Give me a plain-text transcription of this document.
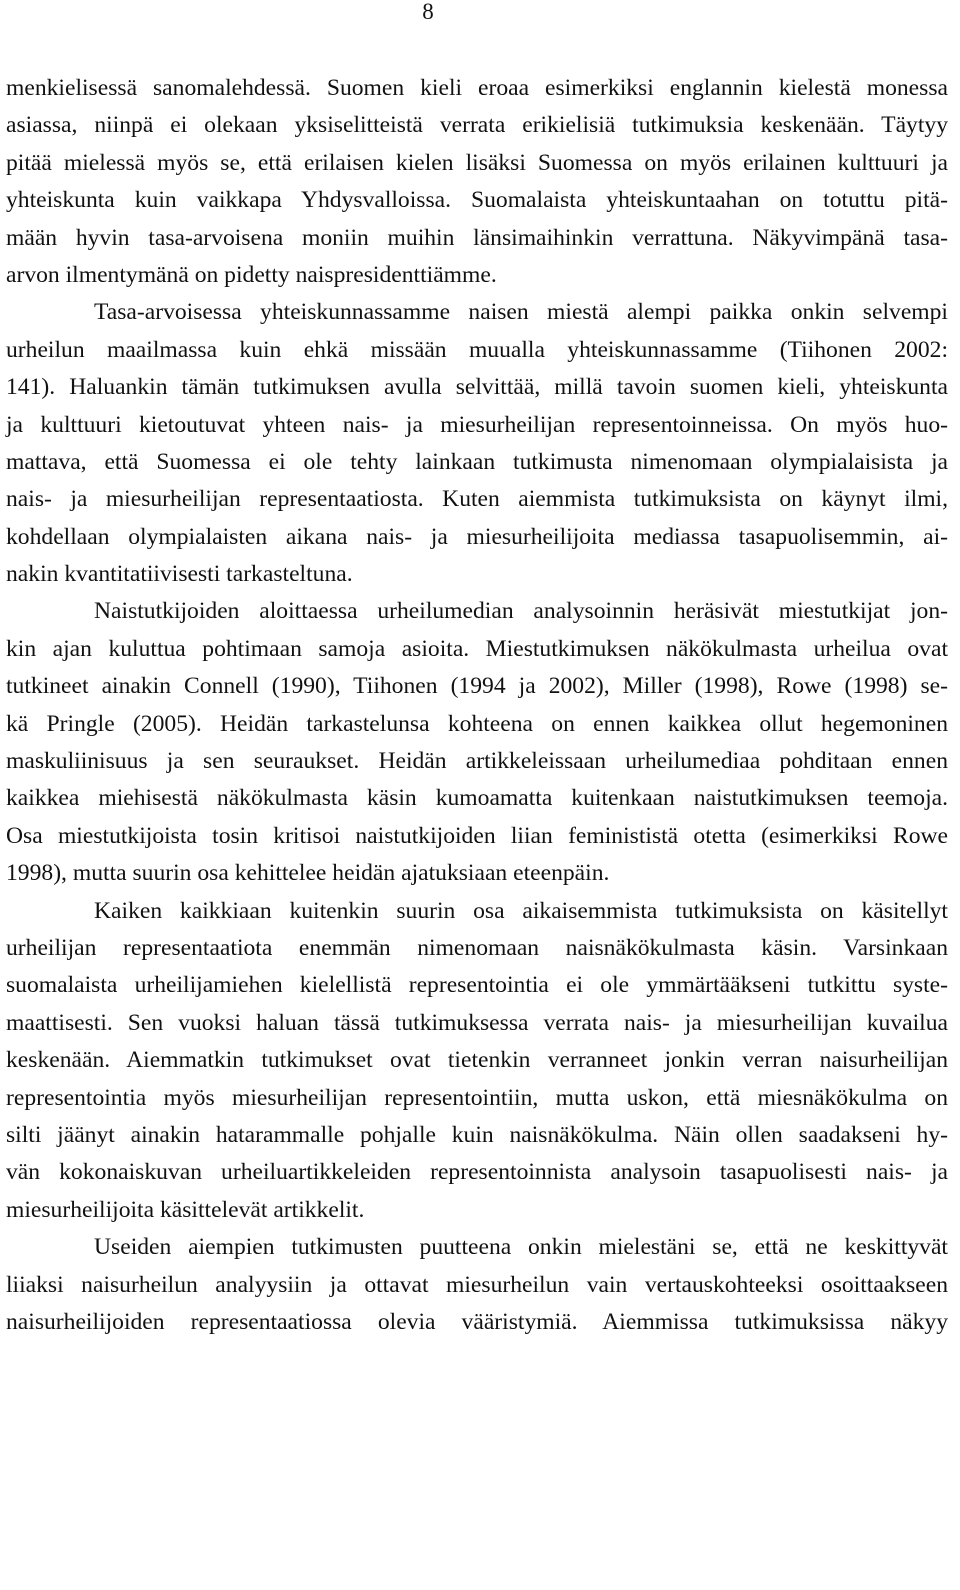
8
menkielisessä sanomalehdessä. Suomen kieli eroaa esimerkiksi englannin kielestä monessa
asiassa, niinpä ei olekaan yksiselitteistä verrata erikielisiä tutkimuksia keskenään. Täytyy
pitää mielessä myös se, että erilaisen kielen lisäksi Suomessa on myös erilainen kulttuuri ja
yhteiskunta kuin vaikkapa Yhdysvalloissa. Suomalaista yhteiskuntaahan on totuttu pitä-
mään hyvin tasa-arvoisena moniin muihin länsimaihinkin verrattuna. Näkyvimpänä tasa-
arvon ilmentymänä on pidetty naispresidenttiämme.
Tasa-arvoisessa yhteiskunnassamme naisen miestä alempi paikka onkin selvempi
urheilun maailmassa kuin ehkä missään muualla yhteiskunnassamme (Tiihonen 2002:
141). Haluankin tämän tutkimuksen avulla selvittää, millä tavoin suomen kieli, yhteiskunta
ja kulttuuri kietoutuvat yhteen nais- ja miesurheilijan representoinneissa. On myös huo-
mattava, että Suomessa ei ole tehty lainkaan tutkimusta nimenomaan olympialaisista ja
nais- ja miesurheilijan representaatiosta. Kuten aiemmista tutkimuksista on käynyt ilmi,
kohdellaan olympialaisten aikana nais- ja miesurheilijoita mediassa tasapuolisemmin, ai-
nakin kvantitatiivisesti tarkasteltuna.
Naistutkijoiden aloittaessa urheilumedian analysoinnin heräsivät miestutkijat jon-
kin ajan kuluttua pohtimaan samoja asioita. Miestutkimuksen näkökulmasta urheilua ovat
tutkineet ainakin Connell (1990), Tiihonen (1994 ja 2002), Miller (1998), Rowe (1998) se-
kä Pringle (2005). Heidän tarkastelunsa kohteena on ennen kaikkea ollut hegemoninen
maskuliinisuus ja sen seuraukset. Heidän artikkeleissaan urheilumediaa pohditaan ennen
kaikkea miehisestä näkökulmasta käsin kumoamatta kuitenkaan naistutkimuksen teemoja.
Osa miestutkijoista tosin kritisoi naistutkijoiden liian feminististä otetta (esimerkiksi Rowe
1998), mutta suurin osa kehittelee heidän ajatuksiaan eteenpäin.
Kaiken kaikkiaan kuitenkin suurin osa aikaisemmista tutkimuksista on käsitellyt
urheilijan representaatiota enemmän nimenomaan naisnäkökulmasta käsin. Varsinkaan
suomalaista urheilijamiehen kielellistä representointia ei ole ymmärtääkseni tutkittu syste-
maattisesti. Sen vuoksi haluan tässä tutkimuksessa verrata nais- ja miesurheilijan kuvailua
keskenään. Aiemmatkin tutkimukset ovat tietenkin verranneet jonkin verran naisurheilijan
representointia myös miesurheilijan representointiin, mutta uskon, että miesnäkökulma on
silti jäänyt ainakin hatarammalle pohjalle kuin naisnäkökulma. Näin ollen saadakseni hy-
vän kokonaiskuvan urheiluartikkeleiden representoinnista analysoin tasapuolisesti nais- ja
miesurheilijoita käsittelevät artikkelit.
Useiden aiempien tutkimusten puutteena onkin mielestäni se, että ne keskittyvät
liiaksi naisurheilun analyysiin ja ottavat miesurheilun vain vertauskohteeksi osoittaakseen
naisurheilijoiden representaatiossa olevia vääristymiä. Aiemmissa tutkimuksissa näkyy
